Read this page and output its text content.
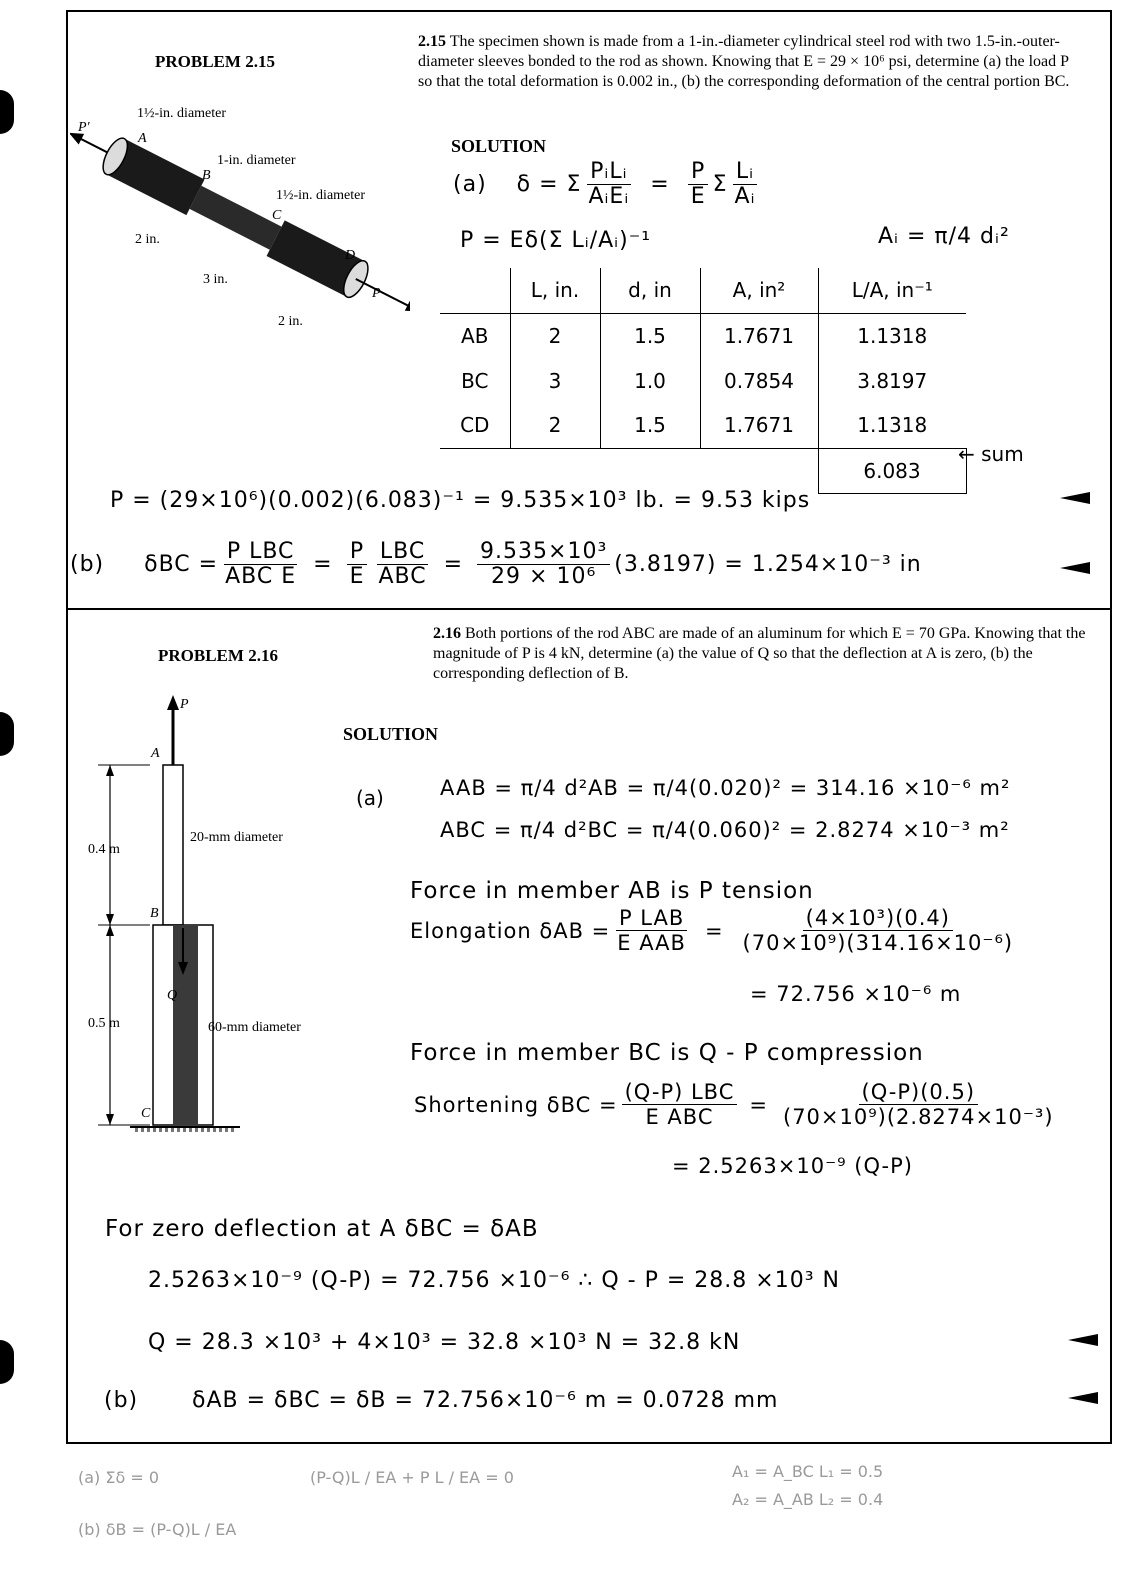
PROBLEM 2.15
2.15 The specimen shown is made from a 1-in.-diameter cylindrical steel rod with two 1.5-in.-outer-diameter sleeves bonded to the rod as shown. Knowing that E = 29 × 10⁶ psi, determine (a) the load P so that the total deformation is 0.002 in., (b) the corresponding deformation of the central portion BC.
1½-in. diameter
1-in. diameter
1½-in. diameter
P′
P
A
B
C
D
2 in.
3 in.
2 in.
SOLUTION
(a) δ = Σ $\frac{\text{PᵢLᵢ}}{\text{AᵢEᵢ}} = \frac{P}{E}$ Σ $\frac{\text{Lᵢ}}{\text{Aᵢ}}$
P = Eδ(Σ Lᵢ/Aᵢ)⁻¹	Aᵢ = π/4 dᵢ²
	L, in.	d, in	A, in²	L/A, in⁻¹
AB	2	1.5	1.7671	1.1318
BC	3	1.0	0.7854	3.8197
CD	2	1.5	1.7671	1.1318
				6.083
← sum
P = (29×10⁶)(0.002)(6.083)⁻¹ = 9.535×10³ lb. = 9.53 kips
(b) $\delta BC = \frac{\text{P LBC}}{\text{ABC E}} = \frac{P}{E} \frac{\text{LBC}}{\text{ABC}} = \frac{\text{9.535×10³}}{\text{29 × 10⁶}} (3.8197) = 1.254\times 10^{-3}$ in
PROBLEM 2.16
2.16 Both portions of the rod ABC are made of an aluminum for which E = 70 GPa. Knowing that the magnitude of P is 4 kN, determine (a) the value of Q so that the deflection at A is zero, (b) the corresponding deflection of B.
P
A
B
C
Q
0.4 m
0.5 m
20-mm diameter
60-mm diameter
SOLUTION
(a)	AAB = π/4 d²AB = π/4(0.020)² = 314.16 ×10⁻⁶ m²
ABC = π/4 d²BC = π/4(0.060)² = 2.8274 ×10⁻³ m²
Force in member AB is P tension
Elongation $\delta AB = \frac{\text{P LAB}}{\text{E AAB}} = \frac{\text{(4×10³)(0.4)}}{\text{(70×10⁹)(314.16×10⁻⁶)}}$
= 72.756 ×10⁻⁶ m
Force in member BC is Q - P compression
Shortening $\delta BC = \frac{\text{(Q-P) LBC}}{\text{E ABC}} = \frac{(Q-P)(0.5)}{\text{(70×10⁹)(2.8274×10⁻³)}}$
= 2.5263×10⁻⁹ (Q-P)
For zero deflection at A δBC = δAB
2.5263×10⁻⁹ (Q-P) = 72.756 ×10⁻⁶ ∴ Q - P = 28.8 ×10³ N
Q = 28.3 ×10³ + 4×10³ = 32.8 ×10³ N = 32.8 kN
(b) δAB = δBC = δB = 72.756×10⁻⁶ m = 0.0728 mm
(a) Σδ = 0	(P-Q)L / EA + P L / EA = 0
(b) δB = (P-Q)L / EA
A₁ = A_BC L₁ = 0.5
A₂ = A_AB L₂ = 0.4
